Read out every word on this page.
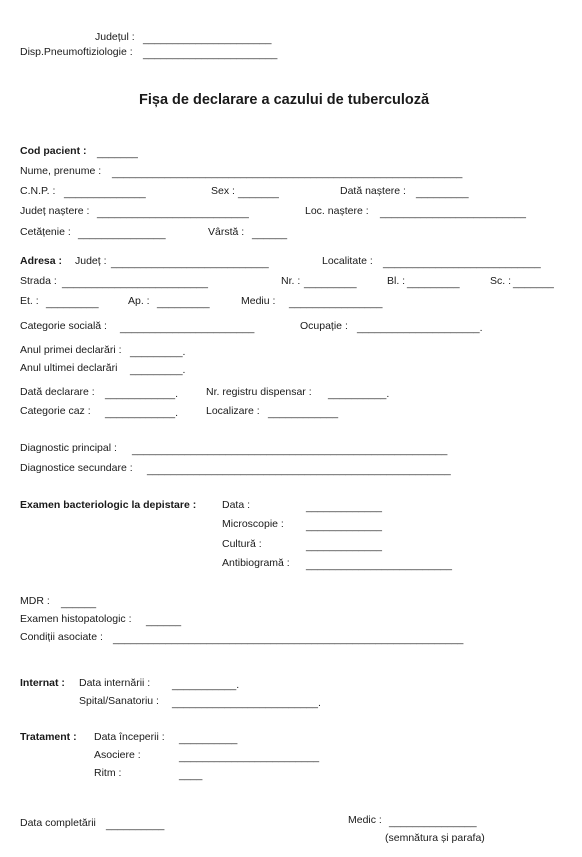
Județul : ______________________
Disp.Pneumoftiziologie : _______________________
Fișa de declarare a cazului de tuberculoză
Cod pacient : _______
Nume, prenume : ____________________________________________________________
C.N.P. : ______________	Sex : _______	Dată naștere : _________
Județ naștere : __________________________	Loc. naștere : _________________________
Cetățenie : _______________	Vârstă : ______
Adresa : Județ : ___________________________	Localitate : ___________________________
Strada : _________________________	Nr. : _________	Bl. : _________	Sc. : _______
Et. : _________	Ap. : _________	Mediu : ________________
Categorie socială : _______________________	Ocupație : _____________________.
Anul primei declarări : _________.
Anul ultimei declarări _________.
Dată declarare : ____________.	Nr. registru dispensar : __________.
Categorie caz : ____________.	Localizare : ____________
Diagnostic principal : ______________________________________________________
Diagnostice secundare : ____________________________________________________
Examen bacteriologic la depistare : Data :	_____________
Microscopie : _____________
Cultură :	_____________
Antibiogramă : _________________________
MDR : ______
Examen histopatologic : ______
Condiții asociate : ____________________________________________________________
Internat : Data internării : ___________.
Spital/Sanatoriu : _________________________.
Tratament : Data începerii : __________
Asociere :	________________________
Ritm :	____
Data completării __________	Medic : _______________
(semnătura și parafa)
